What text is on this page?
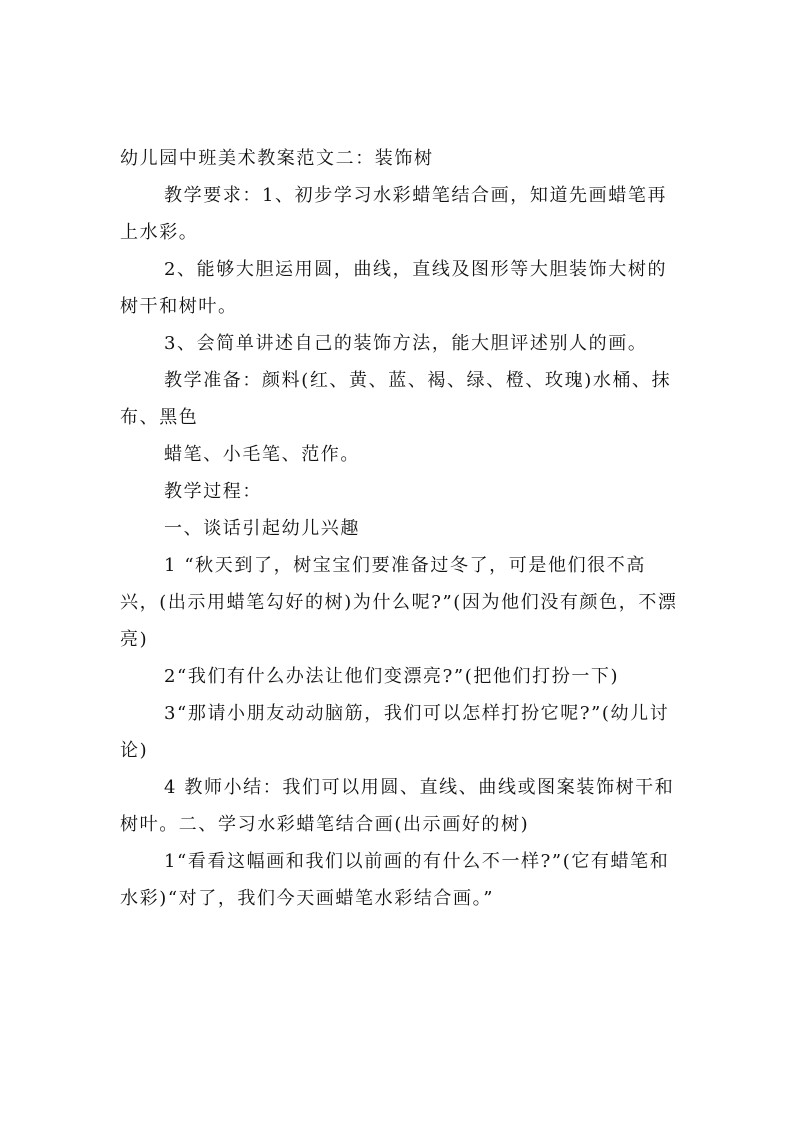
幼儿园中班美术教案范文二：装饰树

教学要求：1、初步学习水彩蜡笔结合画，知道先画蜡笔再上水彩。

2、能够大胆运用圆，曲线，直线及图形等大胆装饰大树的树干和树叶。

3、会简单讲述自己的装饰方法，能大胆评述别人的画。

教学准备：颜料(红、黄、蓝、褐、绿、橙、玫瑰)水桶、抹布、黑色

蜡笔、小毛笔、范作。

教学过程：

一、谈话引起幼儿兴趣

1 “秋天到了，树宝宝们要准备过冬了，可是他们很不高兴，(出示用蜡笔勾好的树)为什么呢?”(因为他们没有颜色，不漂亮)

2“我们有什么办法让他们变漂亮?”(把他们打扮一下)

3“那请小朋友动动脑筋，我们可以怎样打扮它呢?”(幼儿讨论)

4 教师小结：我们可以用圆、直线、曲线或图案装饰树干和树叶。二、学习水彩蜡笔结合画(出示画好的树)

1“看看这幅画和我们以前画的有什么不一样?”(它有蜡笔和水彩)“对了，我们今天画蜡笔水彩结合画。”
